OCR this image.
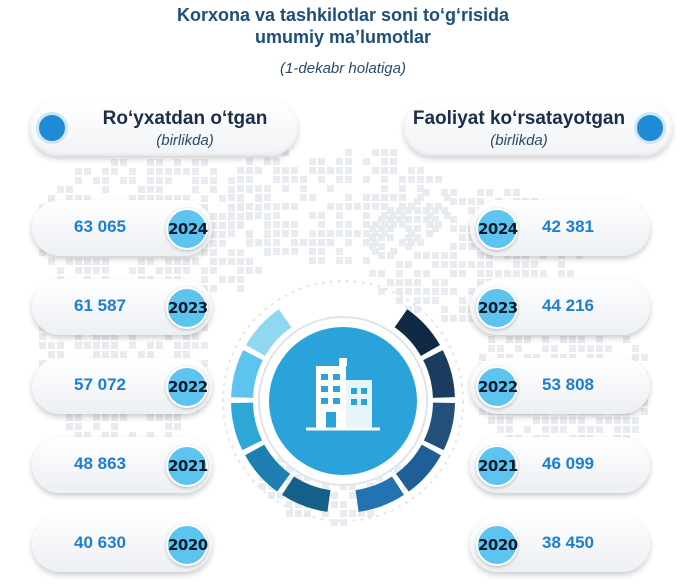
Korxona va tashkilotlar soni to‘g‘risida
umumiy ma’lumotlar
(1-dekabr holatiga)
Ro‘yxatdan o‘tgan
(birlikda)
Faoliyat ko‘rsatayotgan
(birlikda)
63 065	2024
61 587	2023
57 072	2022
48 863	2021
40 630	2020
2024 42 381
2023 44 216
2022 53 808
2021 46 099
2020 38 450
